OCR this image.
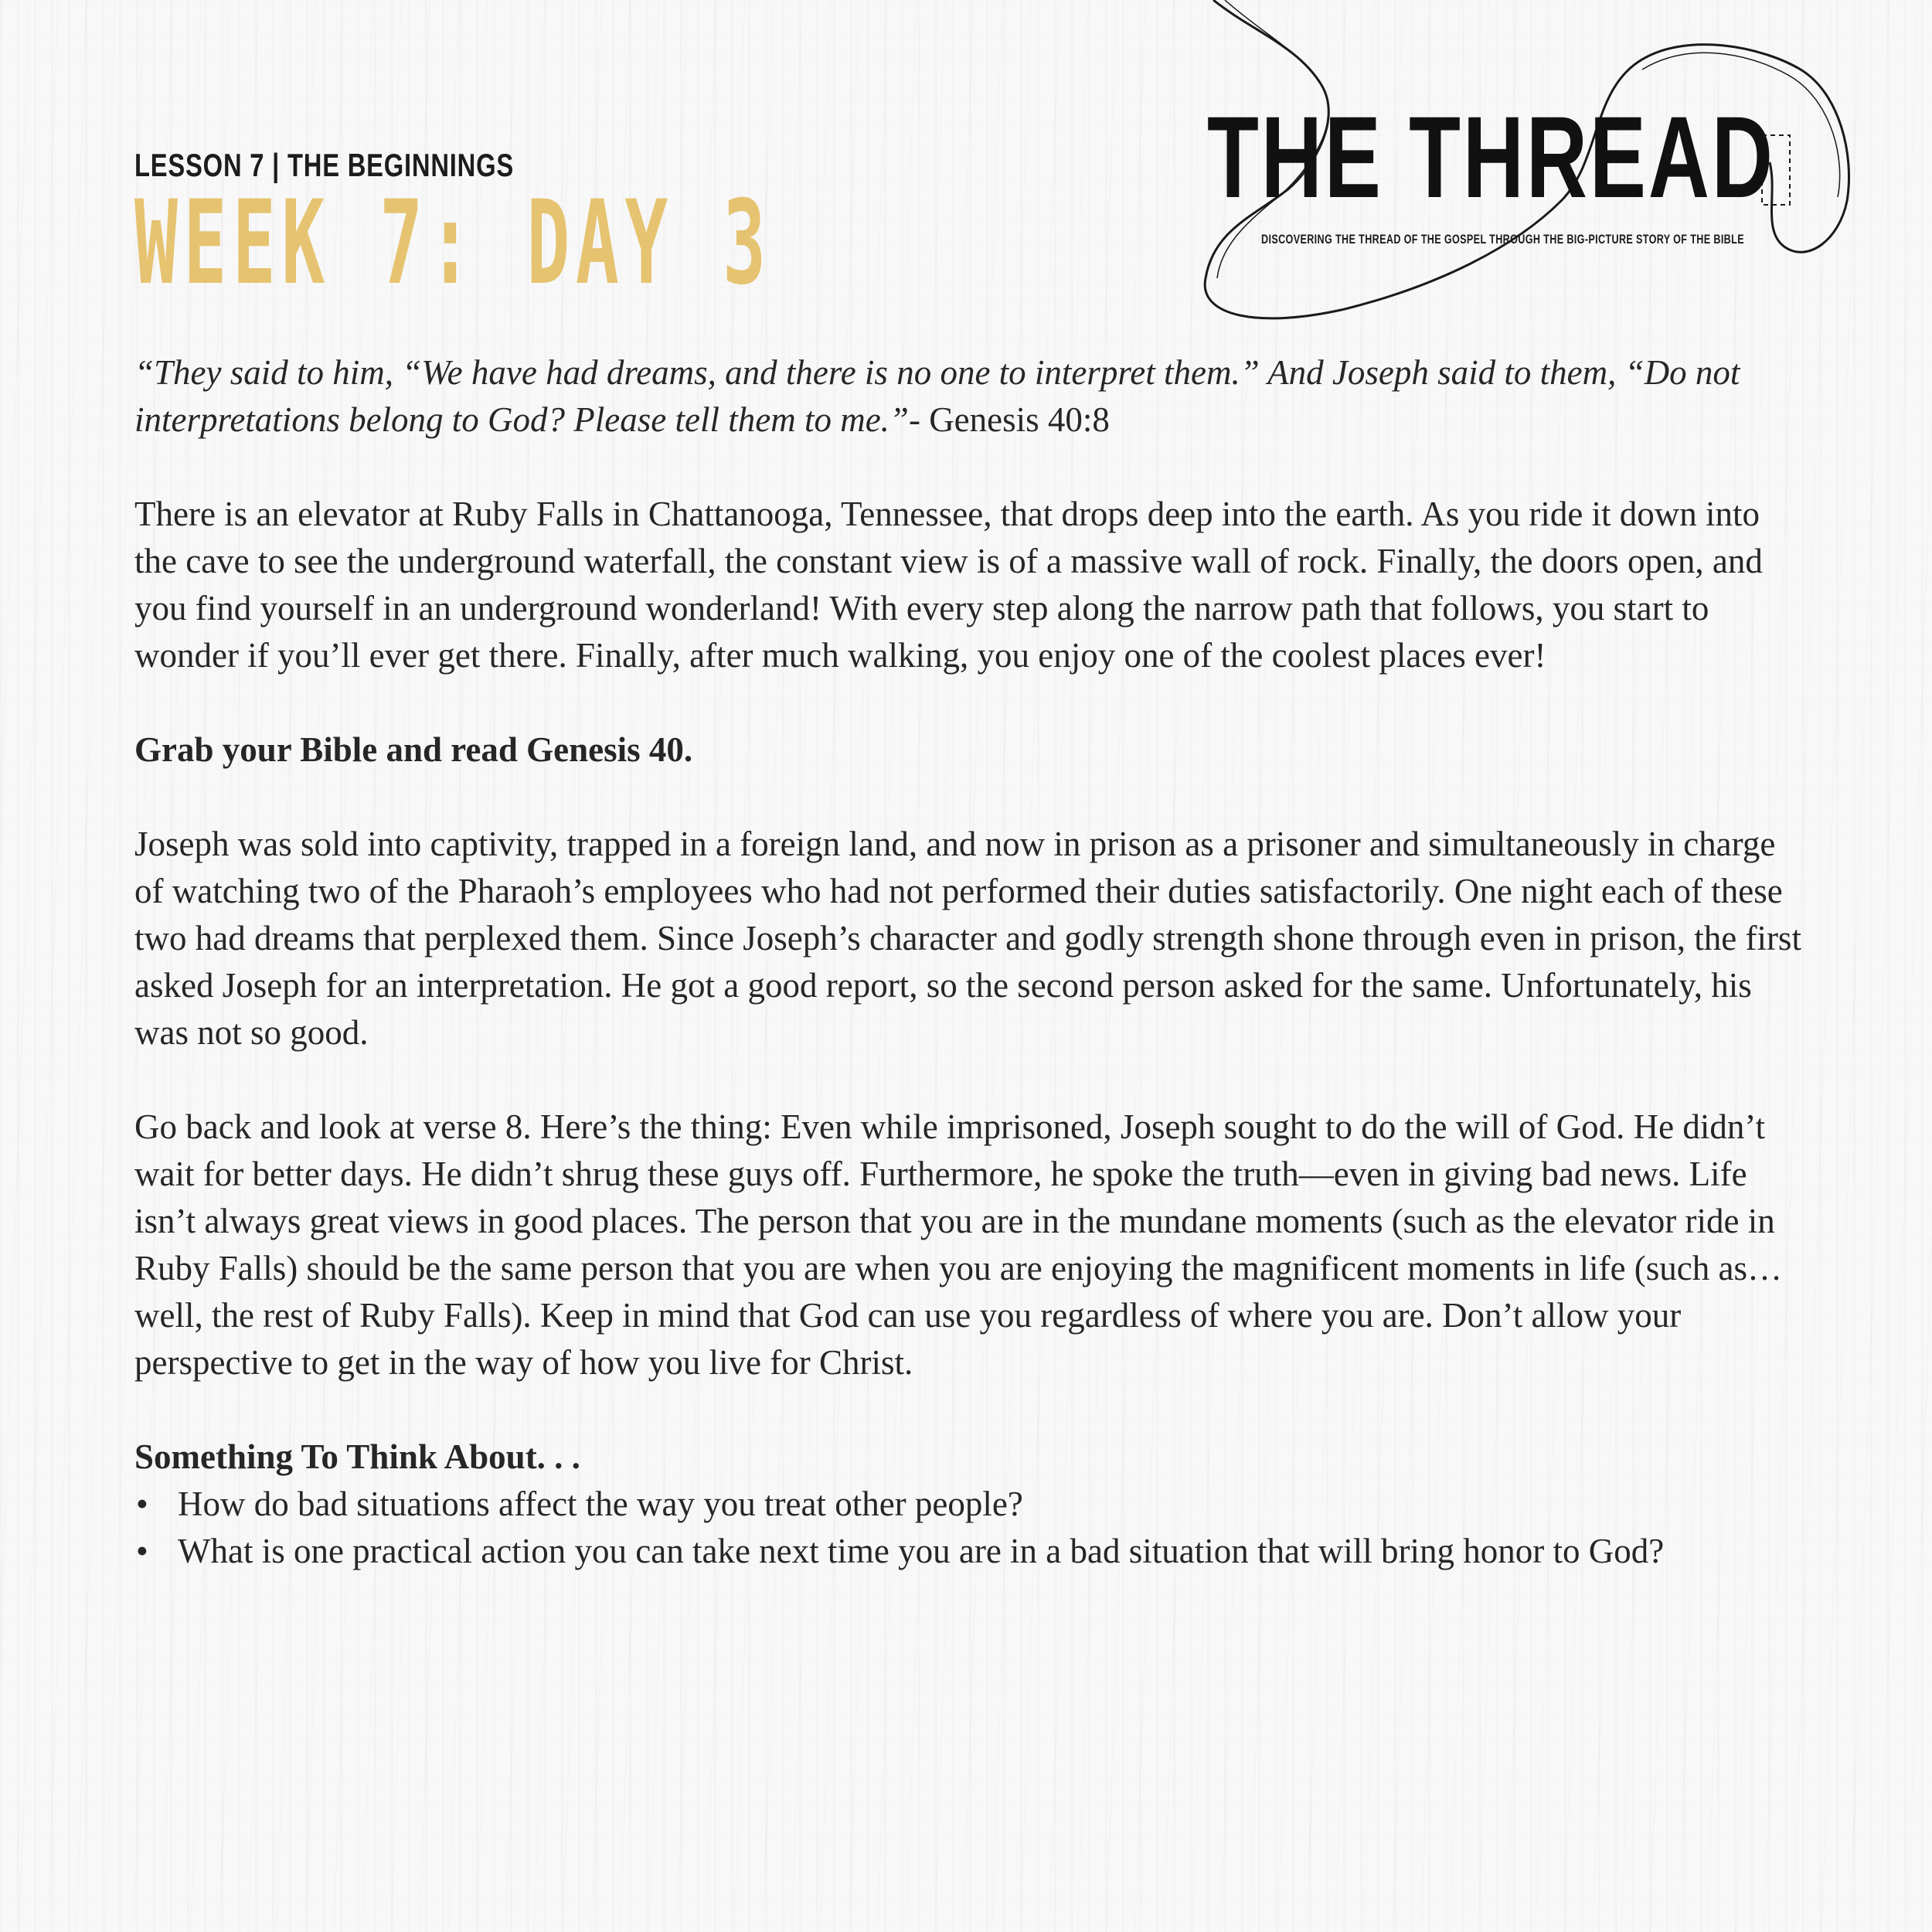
LESSON 7 | THE BEGINNINGS
WEEK 7: DAY 3
THE THREAD
DISCOVERING THE THREAD OF THE GOSPEL THROUGH THE BIG-PICTURE STORY OF THE BIBLE

“They said to him, “We have had dreams, and there is no one to interpret them.” And Joseph said to them, “Do not interpretations belong to God? Please tell them to me.”- Genesis 40:8

There is an elevator at Ruby Falls in Chattanooga, Tennessee, that drops deep into the earth. As you ride it down into the cave to see the underground waterfall, the constant view is of a massive wall of rock. Finally, the doors open, and you find yourself in an underground wonderland! With every step along the narrow path that follows, you start to wonder if you’ll ever get there. Finally, after much walking, you enjoy one of the coolest places ever!

Grab your Bible and read Genesis 40.

Joseph was sold into captivity, trapped in a foreign land, and now in prison as a prisoner and simultaneously in charge of watching two of the Pharaoh’s employees who had not performed their duties satisfactorily. One night each of these two had dreams that perplexed them. Since Joseph’s character and godly strength shone through even in prison, the first asked Joseph for an interpretation. He got a good report, so the second person asked for the same. Unfortunately, his was not so good.

Go back and look at verse 8. Here’s the thing: Even while imprisoned, Joseph sought to do the will of God. He didn’t wait for better days. He didn’t shrug these guys off. Furthermore, he spoke the truth—even in giving bad news. Life isn’t always great views in good places. The person that you are in the mundane moments (such as the elevator ride in Ruby Falls) should be the same person that you are when you are enjoying the magnificent moments in life (such as… well, the rest of Ruby Falls). Keep in mind that God can use you regardless of where you are. Don’t allow your perspective to get in the way of how you live for Christ.

Something To Think About. . .

• How do bad situations affect the way you treat other people?
• What is one practical action you can take next time you are in a bad situation that will bring honor to God?
